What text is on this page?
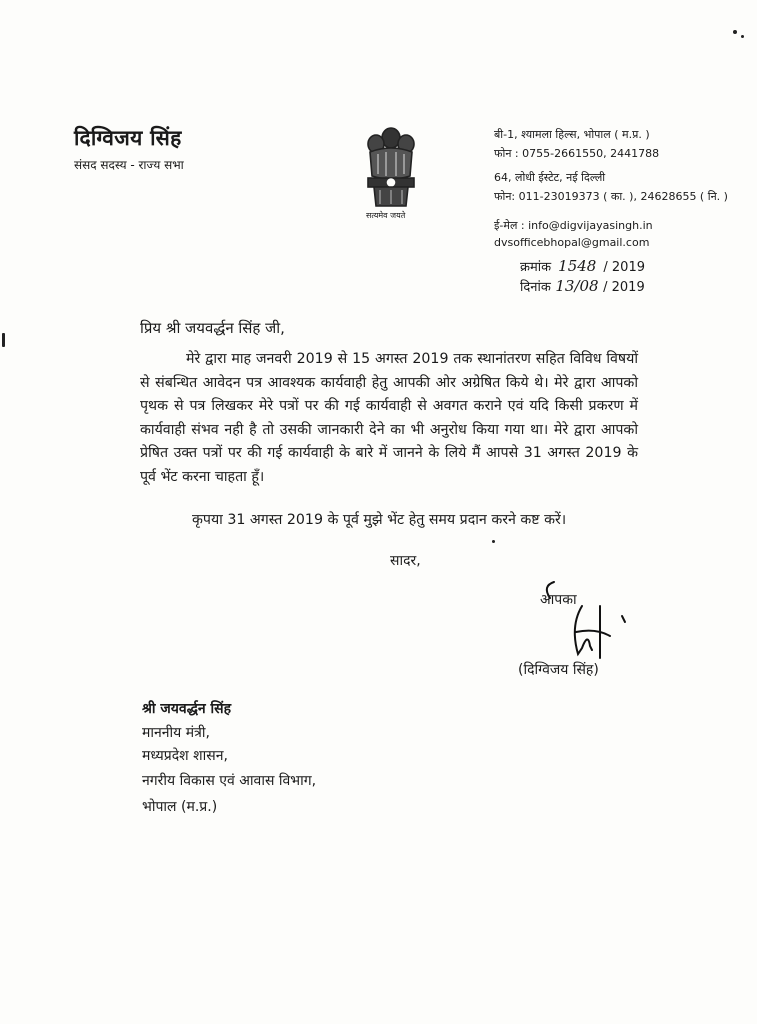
दिग्विजय सिंह
संसद सदस्य - राज्य सभा
सत्यमेव जयते
बी-1, श्यामला हिल्स, भोपाल ( म.प्र. )
फोन : 0755-2661550, 2441788
64, लोधी ईस्टेट, नई दिल्ली
फोन: 011-23019373 ( का. ), 24628655 ( नि. )
ई-मेल : info@digvijayasingh.in
dvsofficebhopal@gmail.com
क्रमांक 1548 / 2019
दिनांक 13/08 / 2019
प्रिय श्री जयवर्द्धन सिंह जी,
मेरे द्वारा माह जनवरी 2019 से 15 अगस्त 2019 तक स्थानांतरण सहित विविध विषयों से संबन्धित आवेदन पत्र आवश्यक कार्यवाही हेतु आपकी ओर अग्रेषित किये थे। मेरे द्वारा आपको पृथक से पत्र लिखकर मेरे पत्रों पर की गई कार्यवाही से अवगत कराने एवं यदि किसी प्रकरण में कार्यवाही संभव नही है तो उसकी जानकारी देने का भी अनुरोध किया गया था। मेरे द्वारा आपको प्रेषित उक्त पत्रों पर की गई कार्यवाही के बारे में जानने के लिये मैं आपसे 31 अगस्त 2019 के पूर्व भेंट करना चाहता हूँ।
कृपया 31 अगस्त 2019 के पूर्व मुझे भेंट हेतु समय प्रदान करने कष्ट करें।
सादर,
आपका
(दिग्विजय सिंह)
श्री जयवर्द्धन सिंह
माननीय मंत्री,
मध्यप्रदेश शासन,
नगरीय विकास एवं आवास विभाग,
भोपाल (म.प्र.)
